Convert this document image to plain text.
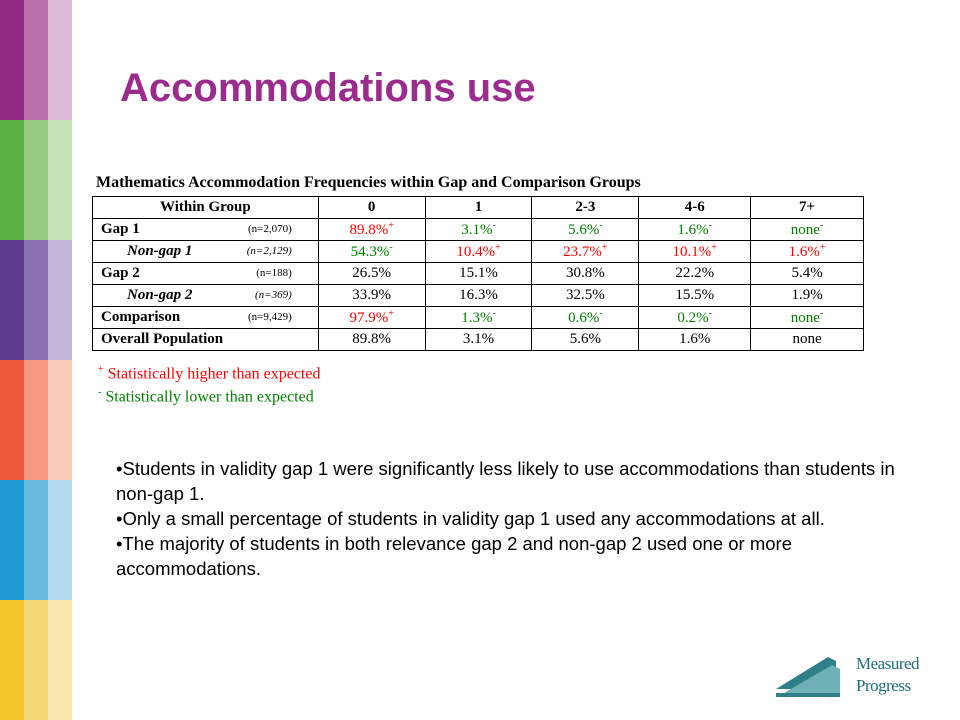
Accommodations use
Mathematics Accommodation Frequencies within Gap and Comparison Groups
Within Group	0	1	2-3	4-6	7+
Gap 1 (n=2,070)	89.8%+	3.1%-	5.6%-	1.6%-	none-
Non-gap 1 (n=2,129)	54.3%-	10.4%+	23.7%+	10.1%+	1.6%+
Gap 2 (n=188)	26.5%	15.1%	30.8%	22.2%	5.4%
Non-gap 2 (n=369)	33.9%	16.3%	32.5%	15.5%	1.9%
Comparison (n=9,429)	97.9%+	1.3%-	0.6%-	0.2%-	none-
Overall Population	89.8%	3.1%	5.6%	1.6%	none
+ Statistically higher than expected
- Statistically lower than expected

•Students in validity gap 1 were significantly less likely to use accommodations than students in non-gap 1.

•Only a small percentage of students in validity gap 1 used any accommodations at all.

•The majority of students in both relevance gap 2 and non-gap 2 used one or more accommodations.

Measured
Progress
